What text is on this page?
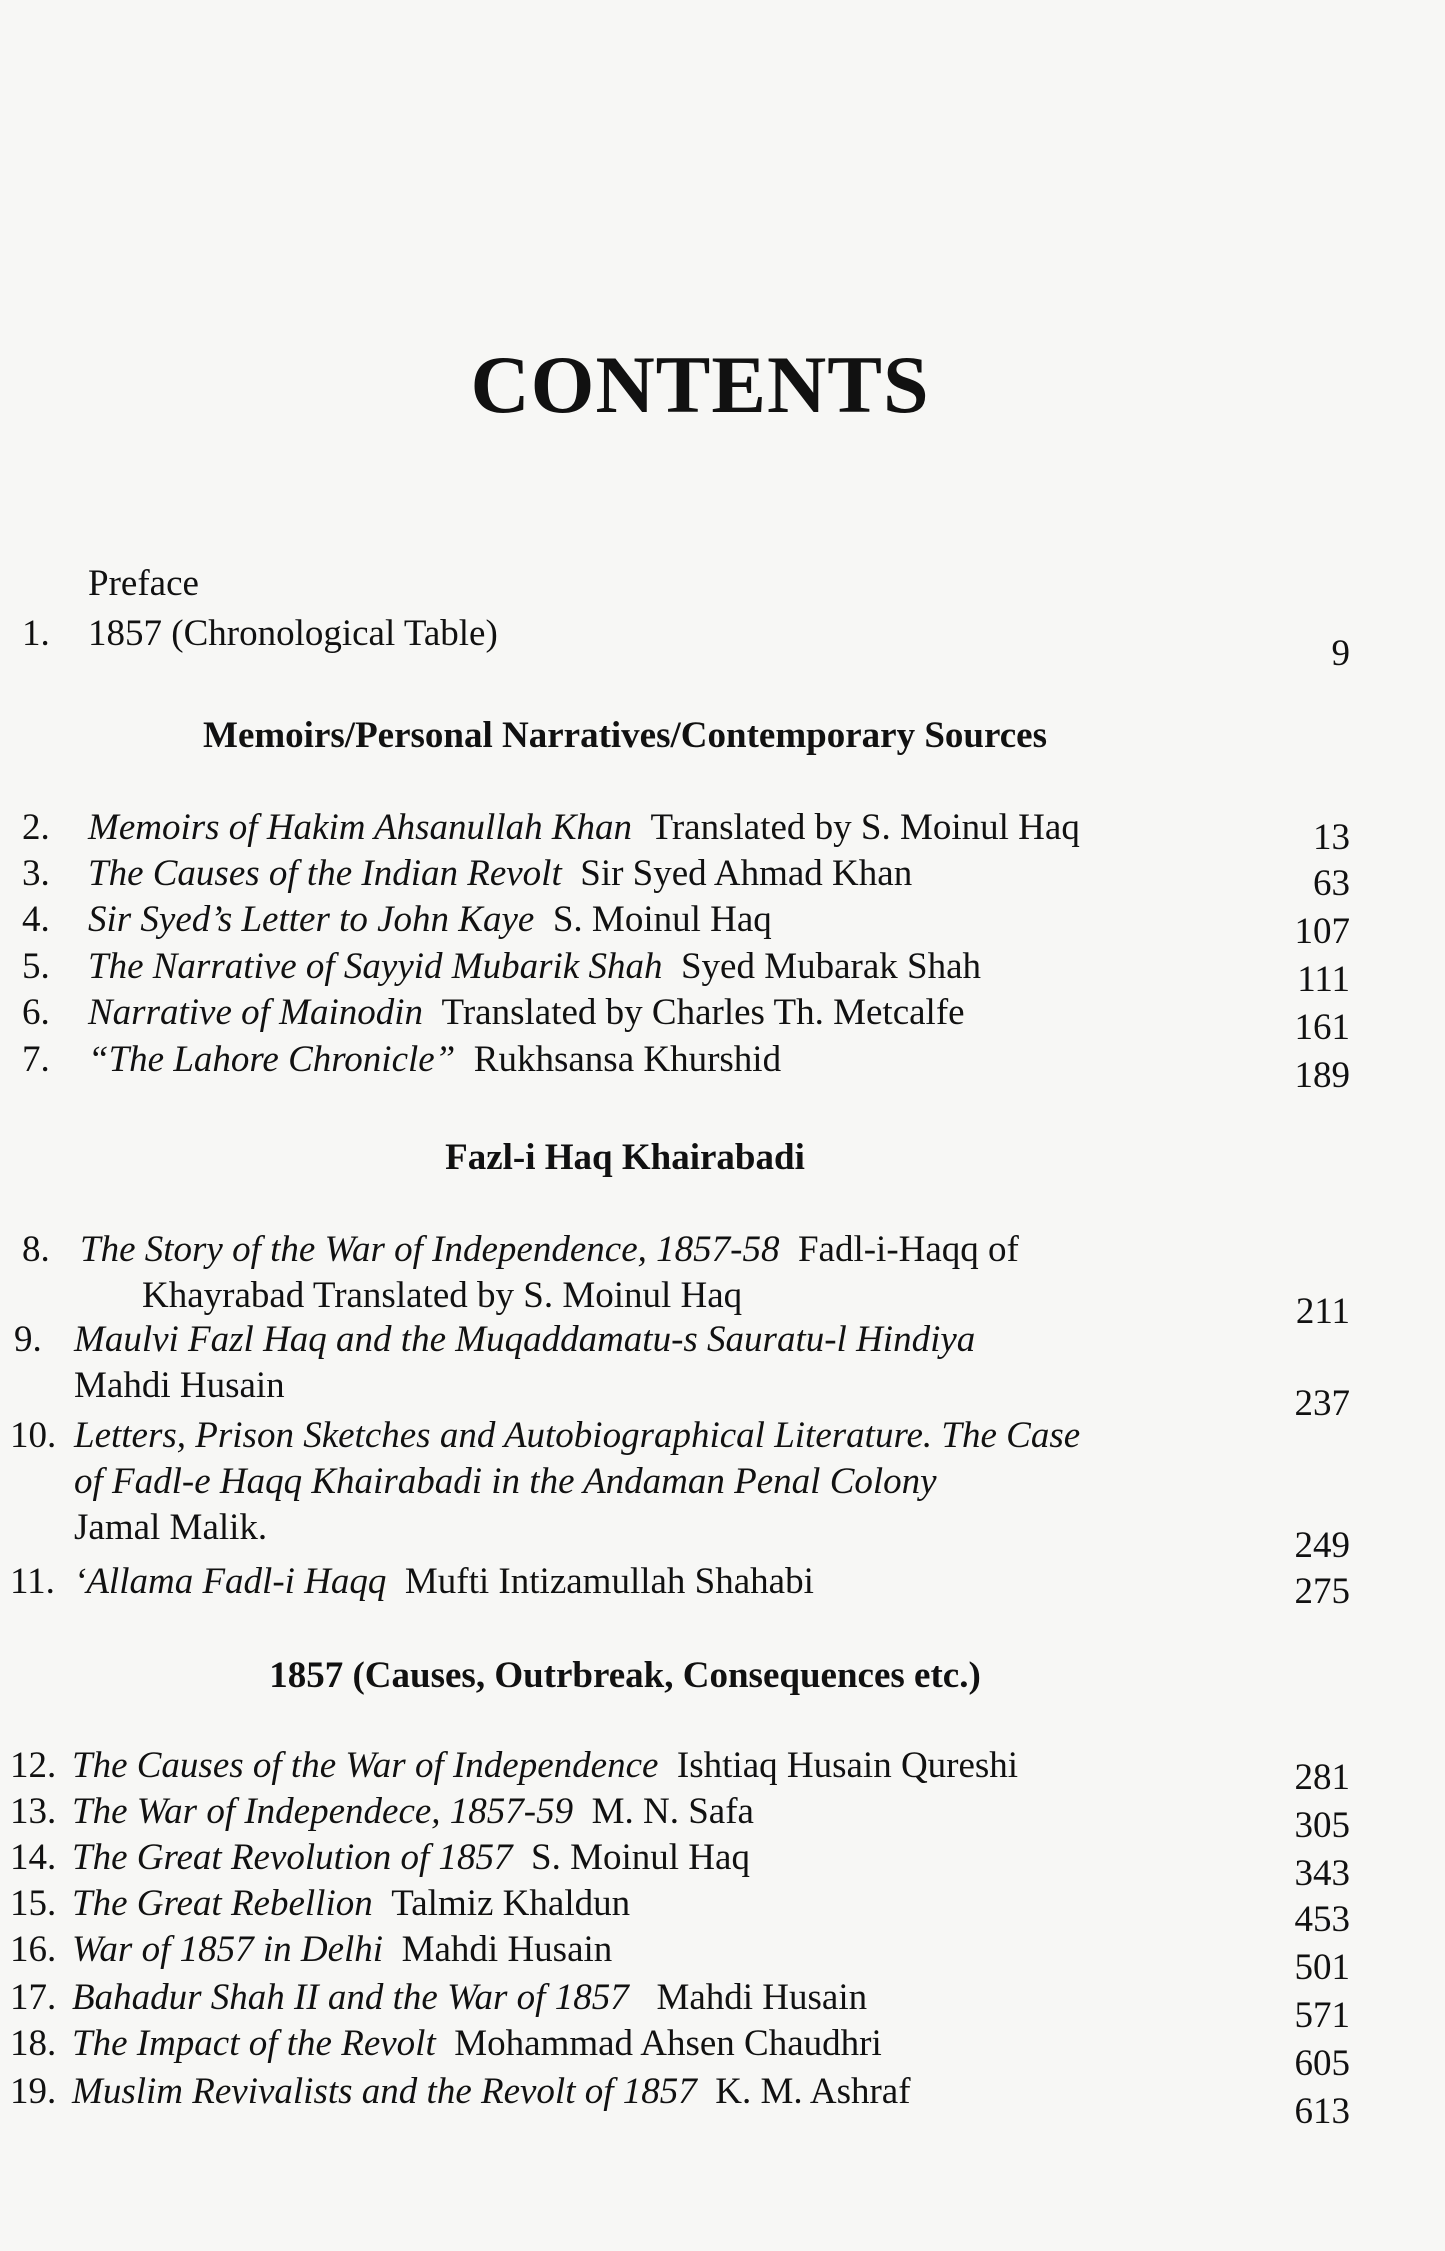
CONTENTS
Preface
1. 1857 (Chronological Table)	9
Memoirs/Personal Narratives/Contemporary Sources
2. Memoirs of Hakim Ahsanullah Khan Translated by S. Moinul Haq	13
3. The Causes of the Indian Revolt Sir Syed Ahmad Khan	63
4. Sir Syed’s Letter to John Kaye S. Moinul Haq	107
5. The Narrative of Sayyid Mubarik Shah Syed Mubarak Shah	111
6. Narrative of Mainodin Translated by Charles Th. Metcalfe	161
7. “The Lahore Chronicle” Rukhsansa Khurshid	189
Fazl-i Haq Khairabadi
8. The Story of the War of Independence, 1857-58 Fadl-i-Haqq of
Khayrabad Translated by S. Moinul Haq	211
9. Maulvi Fazl Haq and the Muqaddamatu-s Sauratu-l Hindiya
Mahdi Husain	237
10. Letters, Prison Sketches and Autobiographical Literature. The Case
of Fadl-e Haqq Khairabadi in the Andaman Penal Colony
Jamal Malik.	249
11. ‘Allama Fadl-i Haqq Mufti Intizamullah Shahabi	275
1857 (Causes, Outrbreak, Consequences etc.)
12. The Causes of the War of Independence Ishtiaq Husain Qureshi	281
13. The War of Independece, 1857-59 M. N. Safa	305
14. The Great Revolution of 1857 S. Moinul Haq	343
15. The Great Rebellion Talmiz Khaldun	453
16. War of 1857 in Delhi Mahdi Husain	501
17. Bahadur Shah II and the War of 1857 Mahdi Husain	571
18. The Impact of the Revolt Mohammad Ahsen Chaudhri	605
19. Muslim Revivalists and the Revolt of 1857 K. M. Ashraf	613
